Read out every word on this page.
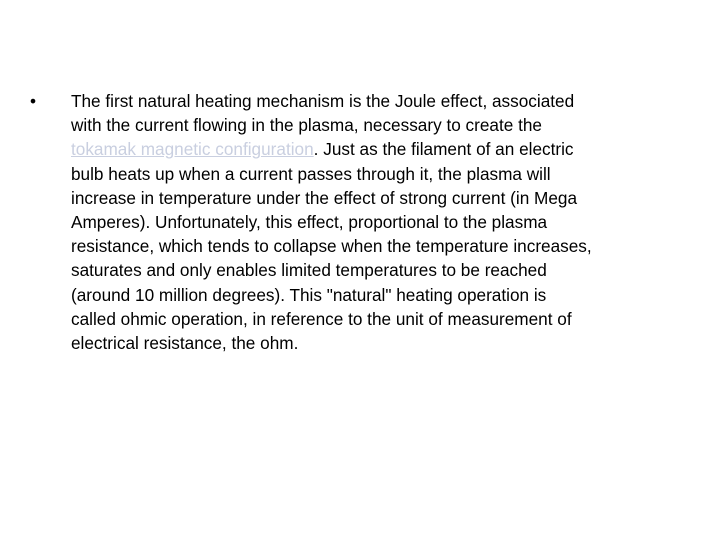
•	The first natural heating mechanism is the Joule effect, associated
with the current flowing in the plasma, necessary to create the
tokamak magnetic configuration. Just as the filament of an electric
bulb heats up when a current passes through it, the plasma will
increase in temperature under the effect of strong current (in Mega
Amperes). Unfortunately, this effect, proportional to the plasma
resistance, which tends to collapse when the temperature increases,
saturates and only enables limited temperatures to be reached
(around 10 million degrees). This "natural" heating operation is
called ohmic operation, in reference to the unit of measurement of
electrical resistance, the ohm.
